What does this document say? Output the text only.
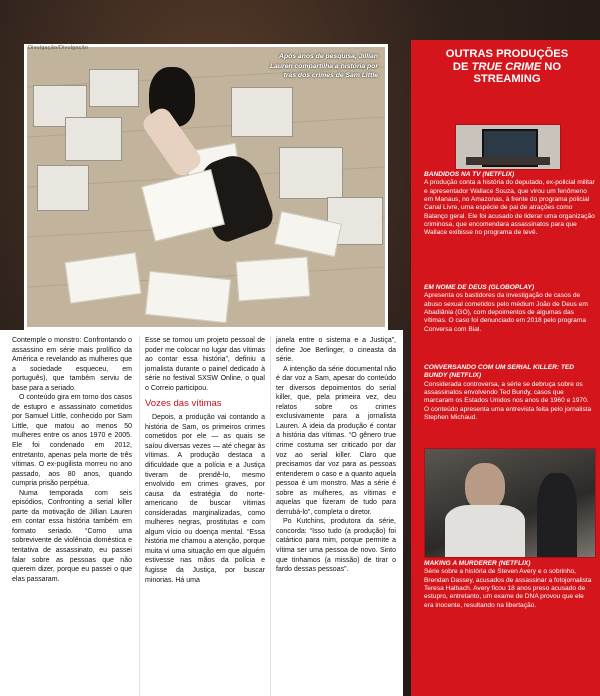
Após anos de pesquisa, Jillian Lauren compartilha a história por trás dos crimes de Sam Little
Divulgação/Divulgação

Contemple o monstro: Confrontando o assassino em série mais prolífico da América e revelando as mulheres que a sociedade esqueceu, em português), que também serviu de base para a seriado.

O conteúdo gira em torno dos casos de estupro e assassinato cometidos por Samuel Little, conhecido por Sam Little, que matou ao menos 50 mulheres entre os anos 1970 e 2005. Ele foi condenado em 2012, entretanto, apenas pela morte de três vítimas. O ex-pugilista morreu no ano passado, aos 80 anos, quando cumpria prisão perpétua.

Numa temporada com seis episódios, Confronting a serial killer parte da motivação de Jillian Lauren em contar essa história também em formato seriado. “Como uma sobrevivente de violência doméstica e tentativa de assassinato, eu passei falar sobre as pessoas que não querem dizer, porque eu passei o que elas passaram.

Esse se tornou um projeto pessoal de poder me colocar no lugar das vítimas ao contar essa história”, definiu a jornalista durante o painel dedicado à série no festival SXSW Online, o qual o Correio participou.

Vozes das vítimas

Depois, a produção vai contando a história de Sam, os primeiros crimes cometidos por ele — as quais se saíou diversas vezes — até chegar às vítimas. A produção destaca a dificuldade que a polícia e a Justiça tiveram de prendê-lo, mesmo envolvido em crimes graves, por causa da estratégia do norte-americano de buscar vítimas consideradas marginalizadas, como mulheres negras, prostitutas e com algum vício ou doença mental. “Essa história me chamou a atenção, porque muita vi uma situação em que alguém estivesse nas mãos da polícia e fugisse da Justiça, por buscar minorias. Há uma

janela entre o sistema e a Justiça”, define Joe Berlinger, o cineasta da série.

A intenção da série documental não é dar voz a Sam, apesar do conteúdo ter diversos depoimentos do serial killer, que, pela primeira vez, deu relatos sobre os crimes exclusivamente para a jornalista Lauren. A ideia da produção é contar a história das vítimas. “O gênero true crime costuma ser criticado por dar voz ao serial killer. Claro que precisamos dar voz para as pessoas entenderem o caso e a quanto aquela pessoa é um monstro. Mas a série é sobre as mulheres, as vítimas e aquelas que fizeram de tudo para derrubá-lo”, completa o diretor.

Po Kutchins, produtora da série, concorda: “Isso tudo (a produção) foi catártico para mim, porque permite a vítima ser uma pessoa de novo. Sinto que tinhamos (a missão) de tirar o fardo dessas pessoas”.

OUTRAS PRODUÇÕES
DE TRUE CRIME NO
STREAMING
BANDIDOS NA TV (NETFLIX)
A produção conta a história do deputado, ex-policial militar e apresentador Wallace Souza, que virou um fenômeno em Manaus, no Amazonas, à frente do programa policial Canal Livre, uma espécie de pai de atrações como Balanço geral. Ele foi acusado de liderar uma organização criminosa, que encomendara assassinatos para que Wallace exibisse no programa de tevê.
EM NOME DE DEUS (GLOBOPLAY)
Apresenta os bastidores da investigação de casos de abuso sexual cometidos pelo médium João de Deus em Abadiânia (GO), com depoimentos de algumas das vítimas. O caso foi denunciado em 2018 pelo programa Conversa com Bial.
CONVERSANDO COM UM SERIAL KILLER: TED BUNDY (NETFLIX)
Considerada controversa, a série se debruça sobre os assassinatos envolvendo Ted Bundy, casos que marcaram os Estados Unidos nos anos de 1960 e 1970. O conteúdo apresenta uma entrevista feita pelo jornalista Stephen Michaud.
MAKING A MURDERER (NETFLIX)
Série sobre a história de Steven Avery e o sobrinho, Brendan Dassey, acusados de assassinar a fotojornalista Teresa Halbach. Avery ficou 18 anos preso acusado de estupro, entretanto, um exame de DNA provou que ele era inocente, resultando na libertação.
